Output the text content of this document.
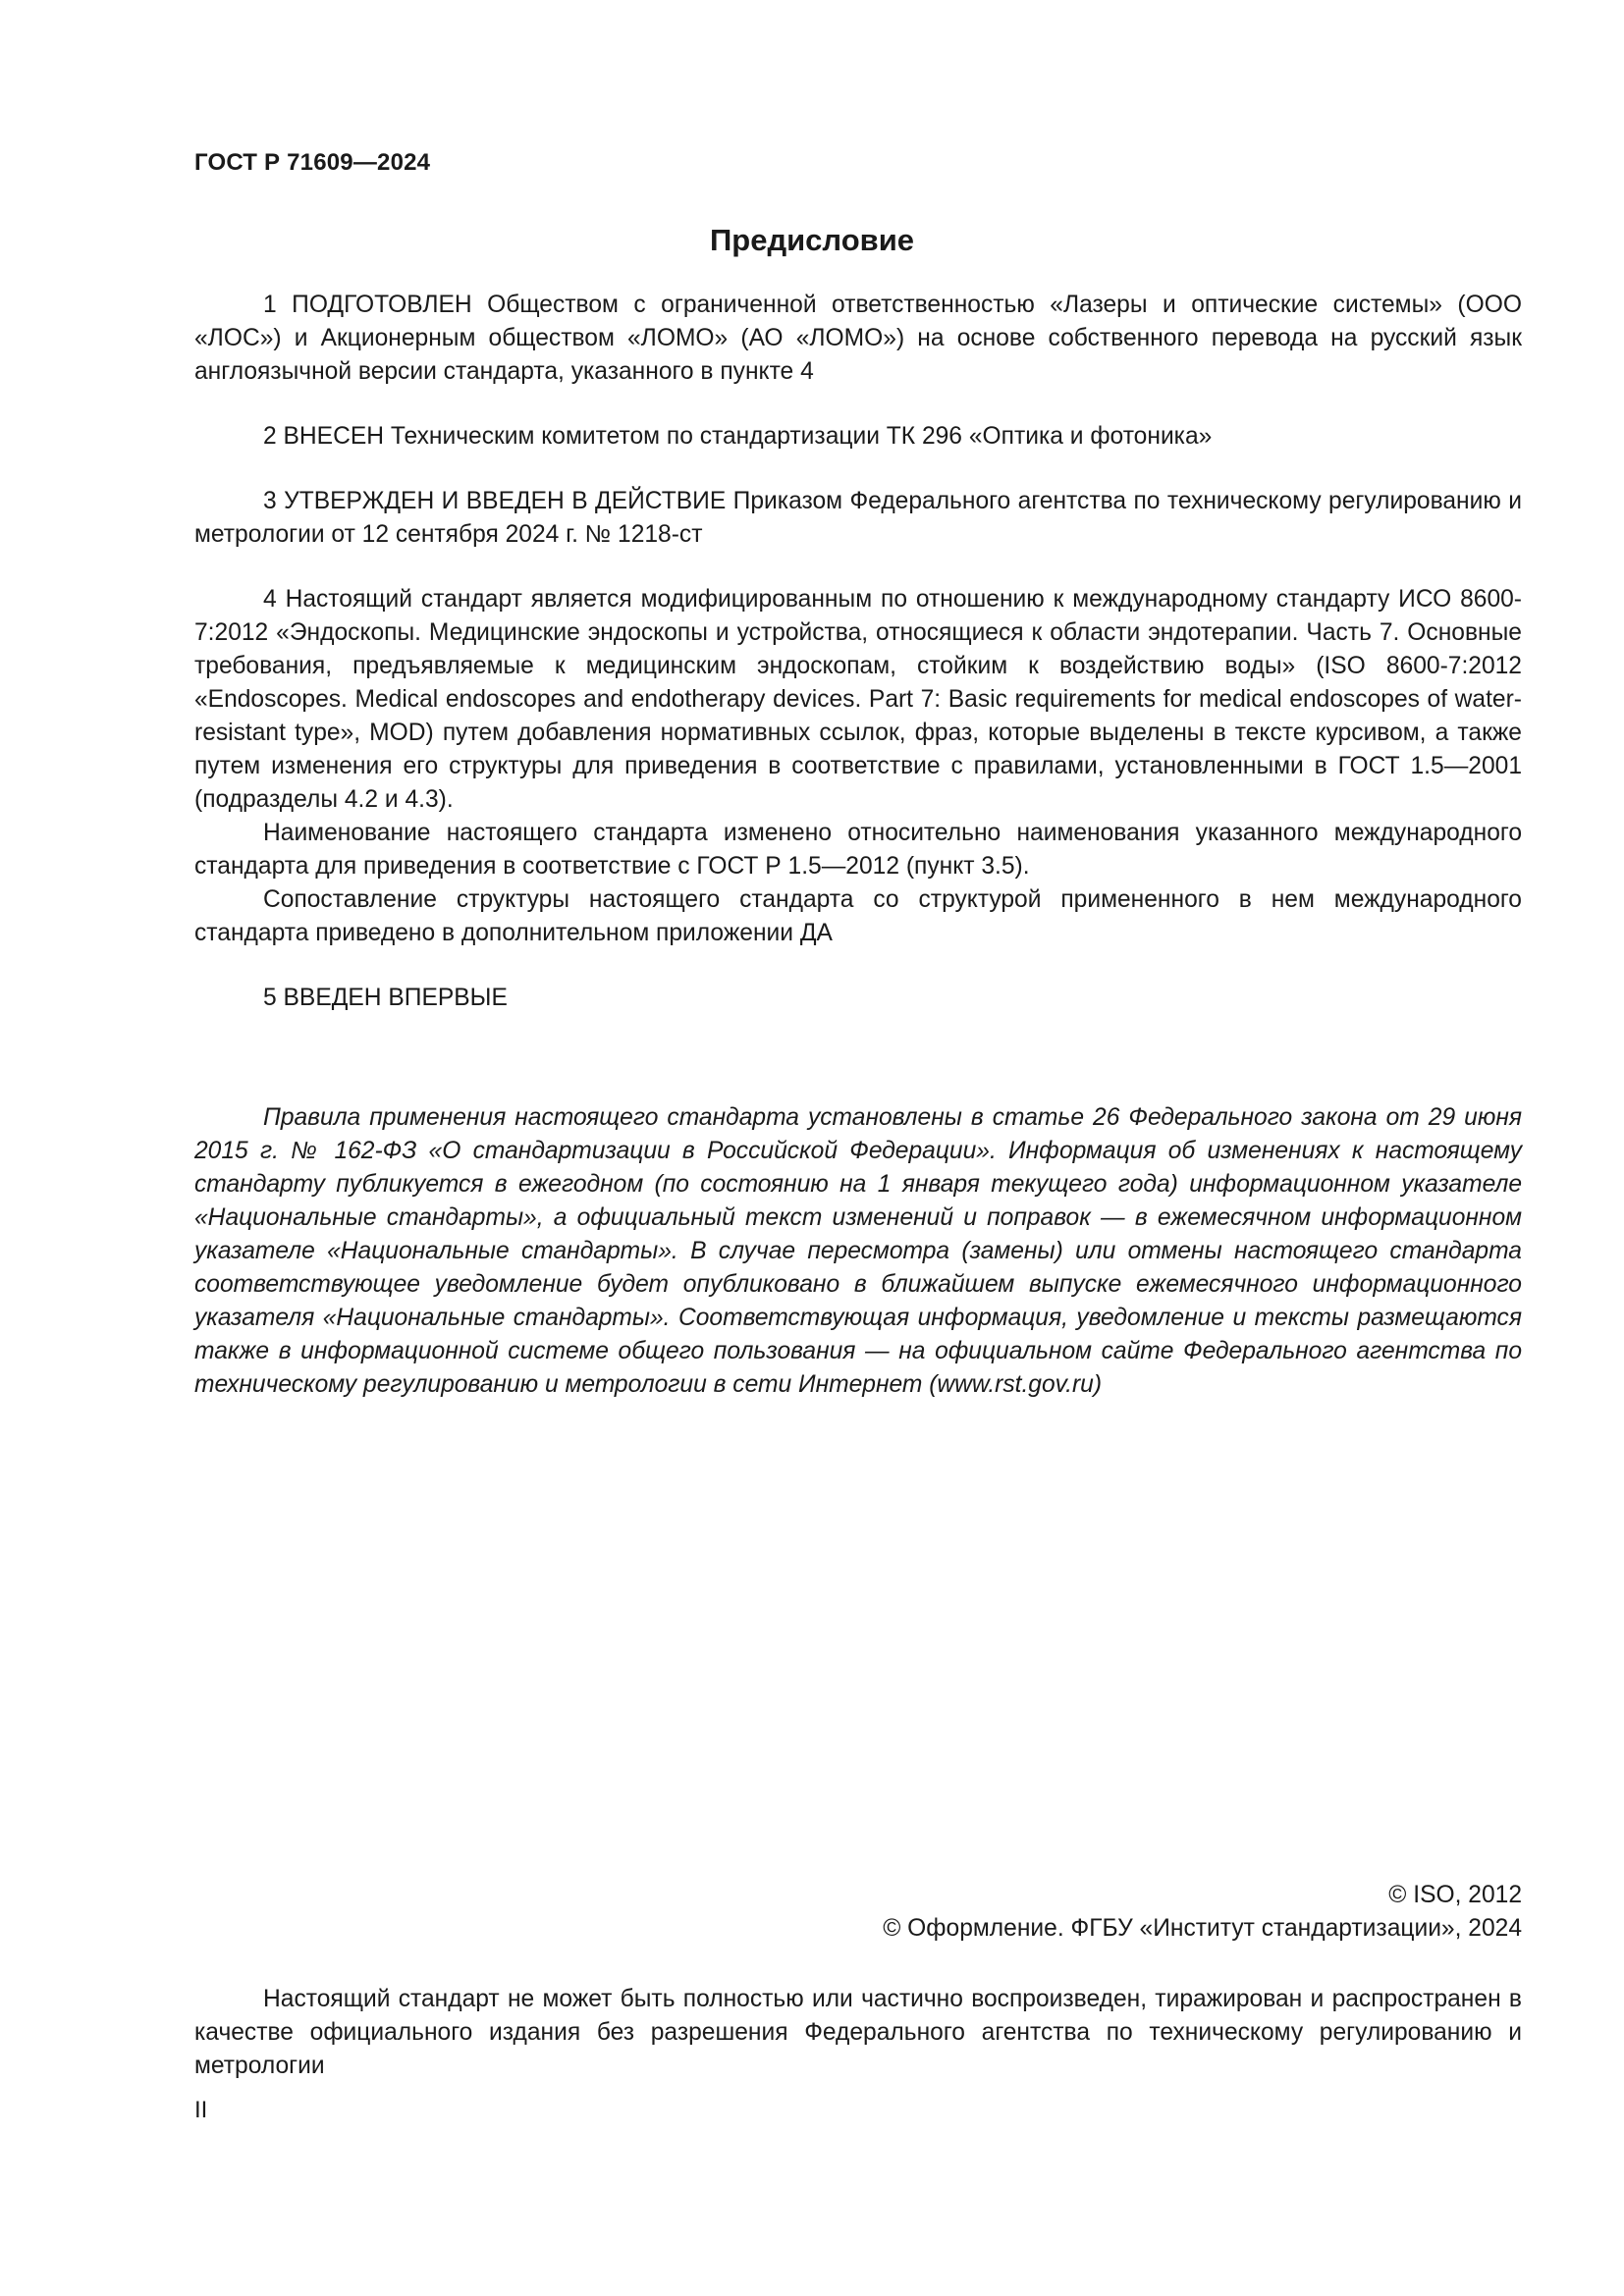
ГОСТ Р 71609—2024
Предисловие

1 ПОДГОТОВЛЕН Обществом с ограниченной ответственностью «Лазеры и оптические системы» (ООО «ЛОС») и Акционерным обществом «ЛОМО» (АО «ЛОМО») на основе собственного перевода на русский язык англоязычной версии стандарта, указанного в пункте 4

2 ВНЕСЕН Техническим комитетом по стандартизации ТК 296 «Оптика и фотоника»

3 УТВЕРЖДЕН И ВВЕДЕН В ДЕЙСТВИЕ Приказом Федерального агентства по техническому регулированию и метрологии от 12 сентября 2024 г. № 1218-ст

4 Настоящий стандарт является модифицированным по отношению к международному стандарту ИСО 8600-7:2012 «Эндоскопы. Медицинские эндоскопы и устройства, относящиеся к области эндотерапии. Часть 7. Основные требования, предъявляемые к медицинским эндоскопам, стойким к воздействию воды» (ISO 8600-7:2012 «Endoscopes. Medical endoscopes and endotherapy devices. Part 7: Basic requirements for medical endoscopes of water-resistant type», MOD) путем добавления нормативных ссылок, фраз, которые выделены в тексте курсивом, а также путем изменения его структуры для приведения в соответствие с правилами, установленными в ГОСТ 1.5—2001 (подразделы 4.2 и 4.3).

Наименование настоящего стандарта изменено относительно наименования указанного международного стандарта для приведения в соответствие с ГОСТ Р 1.5—2012 (пункт 3.5).

Сопоставление структуры настоящего стандарта со структурой примененного в нем международного стандарта приведено в дополнительном приложении ДА

5 ВВЕДЕН ВПЕРВЫЕ

Правила применения настоящего стандарта установлены в статье 26 Федерального закона от 29 июня 2015 г. № 162-ФЗ «О стандартизации в Российской Федерации». Информация об изменениях к настоящему стандарту публикуется в ежегодном (по состоянию на 1 января текущего года) информационном указателе «Национальные стандарты», а официальный текст изменений и поправок — в ежемесячном информационном указателе «Национальные стандарты». В случае пересмотра (замены) или отмены настоящего стандарта соответствующее уведомление будет опубликовано в ближайшем выпуске ежемесячного информационного указателя «Национальные стандарты». Соответствующая информация, уведомление и тексты размещаются также в информационной системе общего пользования — на официальном сайте Федерального агентства по техническому регулированию и метрологии в сети Интернет (www.rst.gov.ru)

© ISO, 2012
© Оформление. ФГБУ «Институт стандартизации», 2024

Настоящий стандарт не может быть полностью или частично воспроизведен, тиражирован и распространен в качестве официального издания без разрешения Федерального агентства по техническому регулированию и метрологии

II
